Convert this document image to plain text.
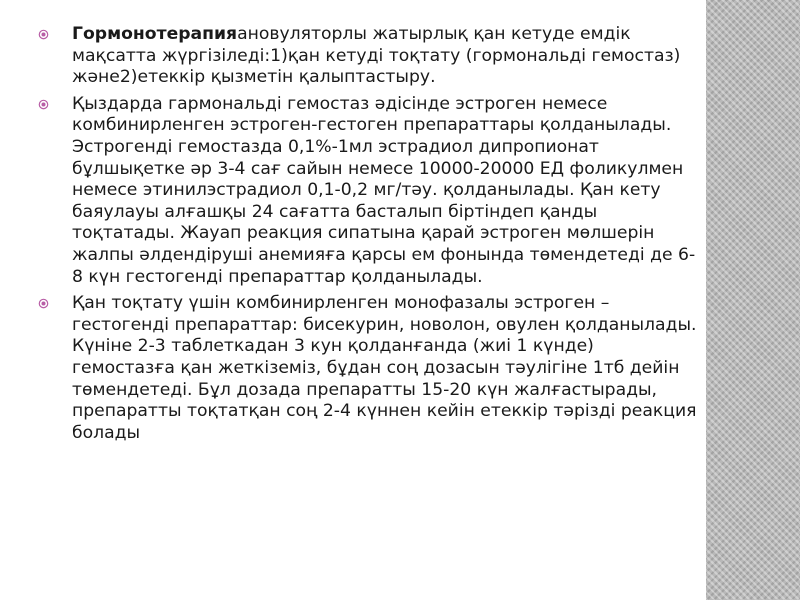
Гормонотерапияановуляторлы жатырлық қан кетуде емдік мақсатта жүргізіледі:1)қан кетуді тоқтату (гормональді гемостаз) және2)етеккір қызметін қалыптастыру.
Қыздарда гармональді гемостаз әдісінде эстроген немесе комбинирленген эстроген-гестоген препараттары қолданылады. Эстрогенді гемостазда 0,1%-1мл эстрадиол дипропионат бұлшықетке әр 3-4 сағ сайын немесе 10000-20000 ЕД фоликулмен немесе этинилэстрадиол 0,1-0,2 мг/тәу. қолданылады. Қан кету баяулауы алғашқы 24 сағатта басталып біртіндеп қанды тоқтатады. Жауап реакция сипатына қарай эстроген мөлшерін жалпы әлдендіруші анемияға қарсы ем фонында төмендетеді де 6-8 күн гестогенді препараттар қолданылады.
Қан тоқтату үшін комбинирленген монофазалы эстроген – гестогенді препараттар: бисекурин, новолон, овулен қолданылады. Күніне 2-3 таблеткадан 3 кун қолданғанда (жиі 1 күнде) гемостазға қан жеткіземіз, бұдан соң дозасын тәулігіне 1тб дейін төмендетеді. Бұл дозада препаратты 15-20 күн жалғастырады, препаратты тоқтатқан соң 2-4 күннен кейін етеккір тәрізді реакция болады
